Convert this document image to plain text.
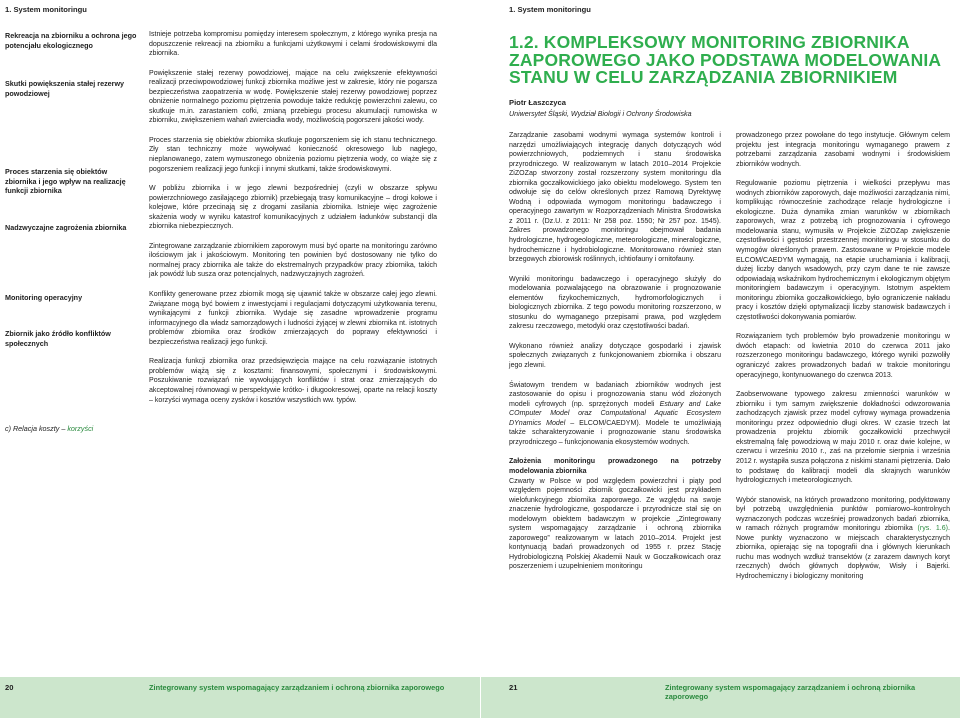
1. System monitoringu
Rekreacja na zbiorniku a ochrona jego potencjału ekologicznego
Skutki powiększenia stałej rezerwy powodziowej
Proces starzenia się obiektów zbiornika i jego wpływ na realizację funkcji zbiornika
Nadzwyczajne zagrożenia zbiornika
Monitoring operacyjny
Zbiornik jako źródło konfliktów społecznych
c) Relacja koszty – korzyści

Istnieje potrzeba kompromisu pomiędzy interesem społecznym, z którego wynika presja na dopuszczenie rekreacji na zbiorniku a funkcjami użytkowymi i celami środowiskowymi dla zbiornika.

Powiększenie stałej rezerwy powodziowej, mające na celu zwiększenie efektywności realizacji przeciwpowodziowej funkcji zbiornika możliwe jest w zakresie, który nie pogarsza bezpieczeństwa zaopatrzenia w wodę. Powiększenie stałej rezerwy powodziowej poprzez obniżenie normalnego poziomu piętrzenia powoduje także redukcję powierzchni zalewu, co skutkuje m.in. zarastaniem cofki, zmianą przebiegu procesu akumulacji rumowiska w zbiorniku, zwiększeniem wahań zwierciadła wody, możliwością pogorszeni jakości wody.

Proces starzenia się obiektów zbiornika skutkuje pogorszeniem się ich stanu technicznego. Zły stan techniczny może wywoływać konieczność okresowego lub nagłego, nieplanowanego, zatem wymuszonego obniżenia poziomu piętrzenia wody, co wiąże się z pogorszeniem realizacji jego funkcji i innymi skutkami, także środowiskowymi.

W pobliżu zbiornika i w jego zlewni bezpośredniej (czyli w obszarze spływu powierzchniowego zasilającego zbiornik) przebiegają trasy komunikacyjne – drogi kołowe i kolejowe, które przecinają się z drogami zasilania zbiornika. Istnieje więc zagrożenie skażenia wody w wyniku katastrof komunikacyjnych z udziałem ładunków substancji dla zbiornika niebezpiecznych.

Zintegrowane zarządzanie zbiornikiem zaporowym musi być oparte na monitoringu zarówno ilościowym jak i jakościowym. Monitoring ten powinien być dostosowany nie tylko do normalnej pracy zbiornika ale także do ekstremalnych przypadków pracy zbiornika, takich jak powódź lub susza oraz potencjalnych, nadzwyczajnych zagrożeń.

Konflikty generowane przez zbiornik mogą się ujawnić także w obszarze całej jego zlewni. Związane mogą być bowiem z inwestycjami i regulacjami dotyczącymi użytkowania terenu, wynikającymi z funkcji zbiornika. Wydaje się zasadne wprowadzenie programu informacyjnego dla władz samorządowych i ludności żyjącej w zlewni zbiornika nt. istotnych problemów zbiornika oraz środków zmierzających do poprawy efektywności i bezpieczeństwa realizacji jego funkcji.

Realizacja funkcji zbiornika oraz przedsięwzięcia mające na celu rozwiązanie istotnych problemów wiążą się z kosztami: finansowymi, społecznymi i środowiskowymi. Poszukiwanie rozwiązań nie wywołujących konfliktów i strat oraz zmierzających do akceptowalnej równowagi w perspektywie krótko- i długookresowej, oparte na relacji koszty – korzyści wymaga oceny zysków i kosztów wszystkich ww. typów.

1. System monitoringu
1.2. KOMPLEKSOWY MONITORING ZBIORNIKA ZAPOROWEGO JAKO PODSTAWA MODELOWANIA STANU W CELU ZARZĄDZANIA ZBIORNIKIEM
Piotr Łaszczyca
Uniwersytet Śląski, Wydział Biologii i Ochrony Środowiska

Zarządzanie zasobami wodnymi wymaga systemów kontroli i narzędzi umożliwiających integrację danych dotyczących wód powierzchniowych, podziemnych i stanu środowiska przyrodniczego. W realizowanym w latach 2010–2014 Projekcie ZiZOZap stworzony został rozszerzony system monitoringu dla zbiornika goczałkowickiego jako obiektu modelowego. System ten odwołuje się do celów określonych przez Ramową Dyrektywę Wodną i odpowiada wymogom monitoringu badawczego i operacyjnego zawartym w Rozporządzeniach Ministra Środowiska z 2011 r. (Dz.U. z 2011: Nr 258 poz. 1550; Nr 257 poz. 1545). Zakres prowadzonego monitoringu obejmował badania hydrologiczne, hydrogeologiczne, meteorologiczne, mineralogiczne, hydrochemiczne i hydrobiologiczne. Monitorowano również stan brzegowych zbiorowisk roślinnych, ichtiofauny i ornitofauny.

Wyniki monitoringu badawczego i operacyjnego służyły do modelowania pozwalającego na obrazowanie i prognozowanie elementów fizykochemicznych, hydromorfologicznych i biologicznych zbiornika. Z tego powodu monitoring rozszerzono, w stosunku do wymaganego przepisami prawa, pod względem zakresu rzeczowego, metodyki oraz częstotliwości badań.

Wykonano również analizy dotyczące gospodarki i zjawisk społecznych związanych z funkcjonowaniem zbiornika i obszaru jego zlewni.

Światowym trendem w badaniach zbiorników wodnych jest zastosowanie do opisu i prognozowania stanu wód złożonych modeli cyfrowych (np. sprzężonych modeli Estuary and Lake COmputer Model oraz Computational Aquatic Ecosystem DYnamics Model – ELCOM/CAEDYM). Modele te umożliwiają także scharakteryzowanie i prognozowanie stanu środowiska przyrodniczego – funkcjonowania ekosystemów wodnych.

Założenia monitoringu prowadzonego na potrzeby modelowania zbiornika

Czwarty w Polsce w pod względem powierzchni i piąty pod względem pojemności zbiornik goczałkowicki jest przykładem wielofunkcyjnego zbiornika zaporowego. Ze względu na swoje znaczenie hydrologiczne, gospodarcze i przyrodnicze stał się on modelowym obiektem badawczym w projekcie „Zintegrowany system wspomagający zarządzanie i ochroną zbiornika zaporowego” realizowanym w latach 2010–2014. Projekt jest kontynuacją badań prowadzonych od 1955 r. przez Stację Hydrobiologiczną Polskiej Akademii Nauk w Goczałkowicach oraz poszerzeniem i uzupełnieniem monitoringu

prowadzonego przez powołane do tego instytucje. Głównym celem projektu jest integracja monitoringu wymaganego prawem z potrzebami zarządzania zasobami wodnymi i środowiskiem zbiorników wodnych.

Regulowanie poziomu piętrzenia i wielkości przepływu mas wodnych zbiorników zaporowych, daje możliwości zarządzania nimi, komplikując równocześnie zachodzące relacje hydrologiczne i ekologiczne. Duża dynamika zmian warunków w zbiornikach zaporowych, wraz z potrzebą ich prognozowania i cyfrowego modelowania stanu, wymusiła w Projekcie ZiZOZap zwiększenie częstotliwości i gęstości przestrzennej monitoringu w stosunku do wymogów określonych prawem. Zastosowane w Projekcie modele ELCOM/CAEDYM wymagają, na etapie uruchamiania i kalibracji, dużej liczby danych wsadowych, przy czym dane te nie zawsze odpowiadają wskaźnikom hydrochemicznym i ekologicznym objętym monitoringiem badawczym i operacyjnym. Istotnym aspektem monitoringu zbiornika goczałkowickiego, było ograniczenie nakładu pracy i kosztów dzięki optymalizacji liczby stanowisk badawczych i częstotliwości dokonywania pomiarów.

Rozwiązaniem tych problemów było prowadzenie monitoringu w dwóch etapach: od kwietnia 2010 do czerwca 2011 jako rozszerzonego monitoringu badawczego, którego wyniki pozwoliły ograniczyć zakres prowadzonych badań w trakcie monitoringu operacyjnego, kontynuowanego do czerwca 2013.

Zaobserwowane typowego zakresu zmienności warunków w zbiorniku i tym samym zwiększenie dokładności odwzorowania zachodzących zjawisk przez model cyfrowy wymaga prowadzenia monitoringu przez odpowiednio długi okres. W czasie trzech lat prowadzenia projektu zbiornik goczałkowicki przechwycił ekstremalną falę powodziową w maju 2010 r. oraz dwie kolejne, w czerwcu i wrześniu 2010 r., zaś na przełomie sierpnia i września 2012 r. wystąpiła susza połączona z niskimi stanami piętrzenia. Dało to podstawę do kalibracji modeli dla skrajnych warunków hydrologicznych i meteorologicznych.

Wybór stanowisk, na których prowadzono monitoring, podyktowany był potrzebą uwzględnienia punktów pomiarowo–kontrolnych wyznaczonych podczas wcześniej prowadzonych badań zbiornika, w ramach różnych programów monitoringu zbiornika (rys. 1.6). Nowe punkty wyznaczono w miejscach charakterystycznych zbiornika, opierając się na topografii dna i głównych kierunkach ruchu mas wodnych wzdłuż transektów (z zarazem dawnych koryt rzecznych) dwóch głównych dopływów, Wisły i Bajerki. Hydrochemiczny i biologiczny monitoring

20	Zintegrowany system wspomagający zarządzaniem i ochroną zbiornika zaporowego	21	Zintegrowany system wspomagający zarządzaniem i ochroną zbiornika zaporowego
